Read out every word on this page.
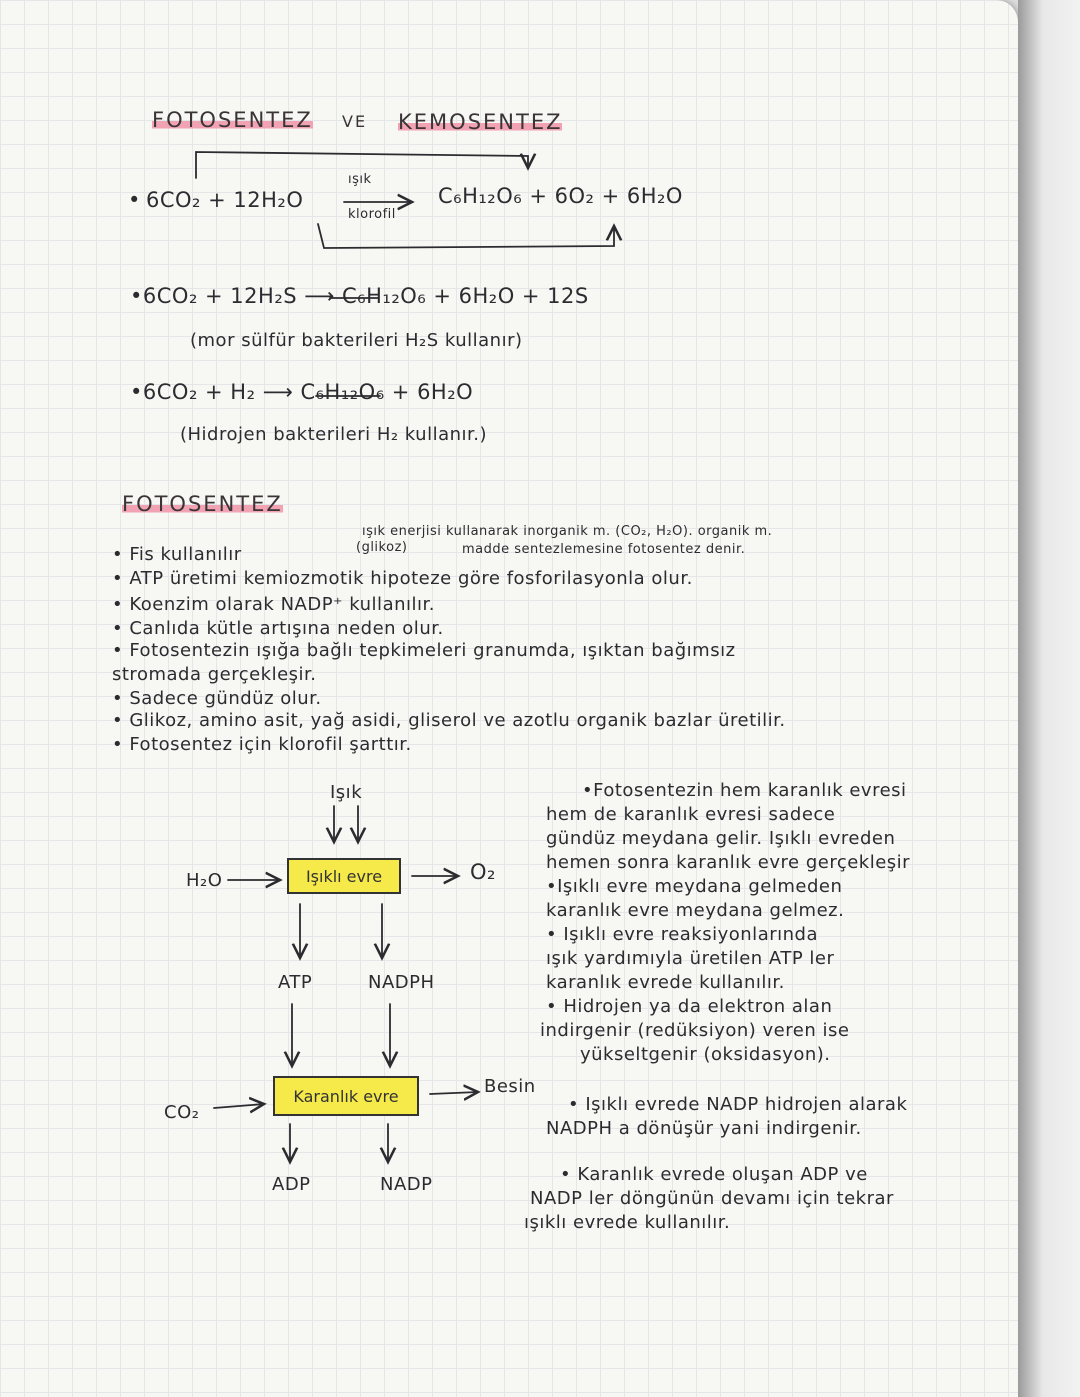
FOTOSENTEZ VE KEMOSENTEZ
• 6CO₂ + 12H₂O
ışık
klorofil
C₆H₁₂O₆ + 6O₂ + 6H₂O
•6CO₂ + 12H₂S ⟶ C₆H₁₂O₆ + 6H₂O + 12S
(mor sülfür bakterileri H₂S kullanır)
•6CO₂ + H₂ ⟶ C₆H₁₂O₆ + 6H₂O
(Hidrojen bakterileri H₂ kullanır.)
FOTOSENTEZ
ışık enerjisi kullanarak inorganik m. (CO₂, H₂O). organik m.
(glikoz)	madde sentezlemesine fotosentez denir.
• Fis kullanılır
• ATP üretimi kemiozmotik hipoteze göre fosforilasyonla olur.
• Koenzim olarak NADP⁺ kullanılır.
• Canlıda kütle artışına neden olur.
• Fotosentezin ışığa bağlı tepkimeleri granumda, ışıktan bağımsız
stromada gerçekleşir.
• Sadece gündüz olur.
• Glikoz, amino asit, yağ asidi, gliserol ve azotlu organik bazlar üretilir.
• Fotosentez için klorofil şarttır.
Işık
H₂O	Işıklı evre	O₂
ATP	NADPH
CO₂
Karanlık evre	Besin
ADP	NADP
•Fotosentezin hem karanlık evresi
hem de karanlık evresi sadece
gündüz meydana gelir. Işıklı evreden
hemen sonra karanlık evre gerçekleşir
•Işıklı evre meydana gelmeden
karanlık evre meydana gelmez.
• Işıklı evre reaksiyonlarında
ışık yardımıyla üretilen ATP ler
karanlık evrede kullanılır.
• Hidrojen ya da elektron alan
indirgenir (redüksiyon) veren ise
yükseltgenir (oksidasyon).
• Işıklı evrede NADP hidrojen alarak
NADPH a dönüşür yani indirgenir.
• Karanlık evrede oluşan ADP ve
NADP ler döngünün devamı için tekrar
ışıklı evrede kullanılır.
